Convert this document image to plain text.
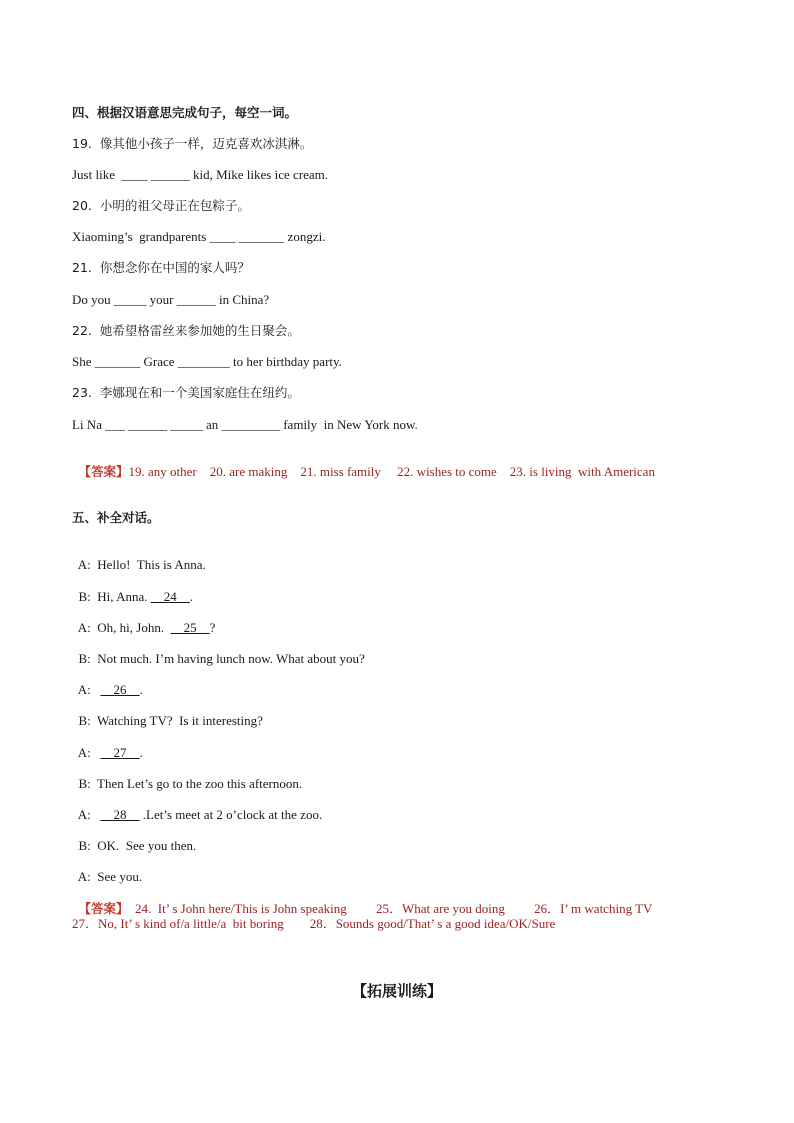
四、根据汉语意思完成句子，每空一词。
19.  像其他小孩子一样，迈克喜欢冰淇淋。
Just like  ____ ______ kid, Mike likes ice cream.
20.  小明的祖父母正在包粽子。
Xiaoming’s  grandparents ____ _______ zongzi.
21.  你想念你在中国的家人吗？
Do you _____ your ______ in China?
22.  她希望格雷丝来参加她的生日聚会。
She _______ Grace ________ to her birthday party.
23.  李娜现在和一个美国家庭住在纽约。
Li Na ___ ______ _____ an _________ family  in New York now.

【答案】19. any other    20. are making    21. miss family     22. wishes to come    23. is living  with American

五、补全对话。

A:  Hello!  This is Anna.

B:  Hi, Anna. __24__.

A:  Oh, hi, John.  __25__?

B:  Not much. I’m having lunch now. What about you?

A:   __26__.

B:  Watching TV?  Is it interesting?

A:   __27__.

B:  Then Let’s go to the zoo this afternoon.

A:   __28__ .Let’s meet at 2 o’clock at the zoo.

B:  OK.  See you then.

A:  See you.

【答案】  24.  It’ s John here/This is John speaking         25．What are you doing         26．I’ m watching TV

27．No, It’ s kind of/a little/a  bit boring        28．Sounds good/That’ s a good idea/OK/Sure
【拓展训练】
